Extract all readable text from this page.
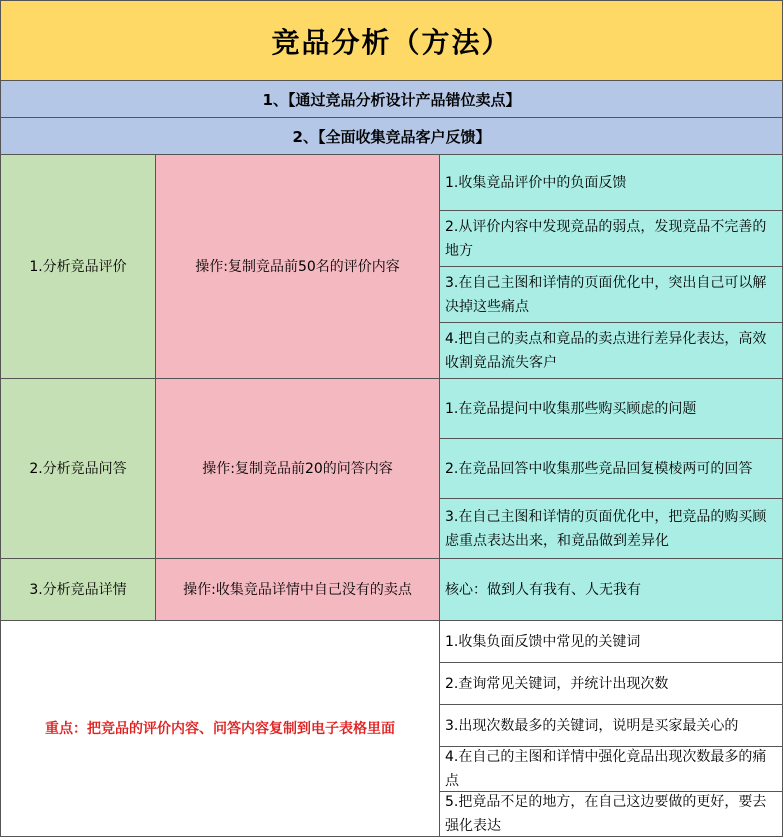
竞品分析（方法）
1、【通过竞品分析设计产品错位卖点】
2、【全面收集竞品客户反馈】
1.分析竞品评价	操作:复制竞品前50名的评价内容
1.收集竟品评价中的负面反馈
2.从评价内容中发现竞品的弱点，发现竞品不完善的地方
3.在自己主图和详情的页面优化中，突出自己可以解决掉这些痛点
4.把自己的卖点和竟品的卖点进行差异化表达，高效收割竟品流失客户
2.分析竞品问答	操作:复制竞品前20的问答内容
1.在竞品提问中收集那些购买顾虑的问题
2.在竞品回答中收集那些竞品回复模棱两可的回答
3.在自己主图和详情的页面优化中，把竞品的购买顾虑重点表达出来，和竟品做到差异化
3.分析竞品详情	操作:收集竞品详情中自己没有的卖点	核心：做到人有我有、人无我有
重点：把竞品的评价内容、问答内容复制到电子表格里面
1.收集负面反馈中常见的关键词
2.查询常见关键词，并统计出现次数
3.出现次数最多的关键词，说明是买家最关心的
4.在自己的主图和详情中强化竟品出现次数最多的痛点
5.把竟品不足的地方，在自己这边要做的更好，要去强化表达
